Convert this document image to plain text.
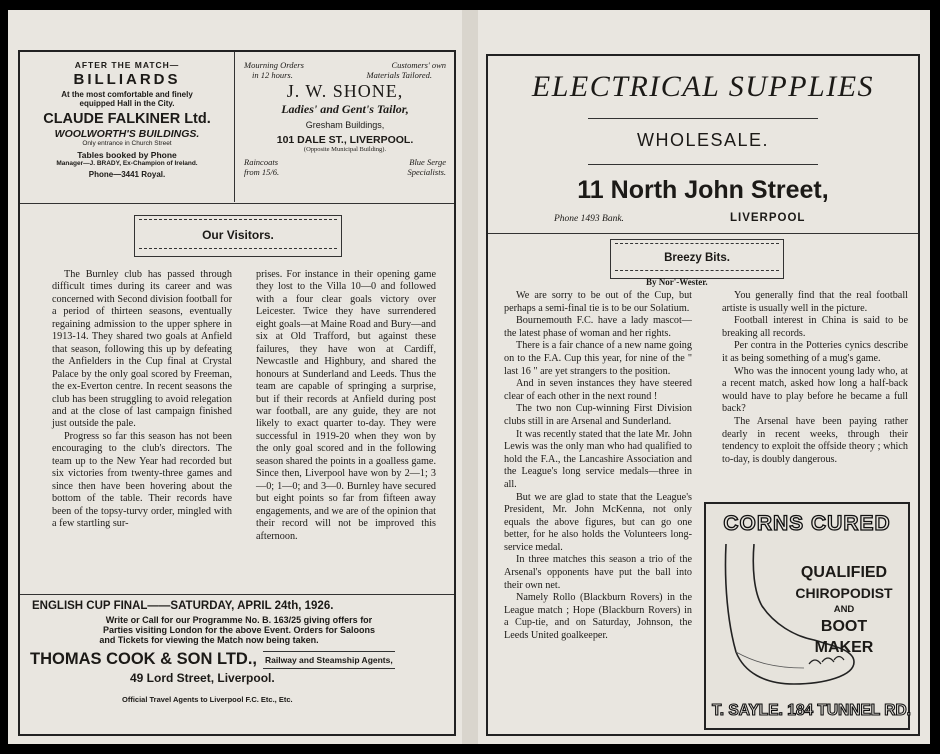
AFTER THE MATCH—
BILLIARDS
At the most comfortable and finely
equipped Hall in the City.
CLAUDE FALKINER Ltd.
WOOLWORTH'S BUILDINGS.
Only entrance in Church Street
Tables booked by Phone
Manager—J. BRADY, Ex-Champion of Ireland.
Phone—3441 Royal.
Mourning Orders	Customers' own
in 12 hours.	Materials Tailored.
J. W. SHONE,
Ladies' and Gent's Tailor,
Gresham Buildings,
101 DALE ST., LIVERPOOL.
(Opposite Municipal Building).
Raincoats
from 15/6.
Blue Serge
Specialists.
Our Visitors.

The Burnley club has passed through difficult times during its career and was concerned with Second division football for a period of thirteen seasons, eventually regaining admission to the upper sphere in 1913-14. They shared two goals at Anfield that season, following this up by defeating the Anfielders in the Cup final at Crystal Palace by the only goal scored by Freeman, the ex-Everton centre. In recent seasons the club has been struggling to avoid relegation and at the close of last campaign finished just outside the pale.

Progress so far this season has not been encouraging to the club's directors. The team up to the New Year had recorded but six victories from twenty-three games and since then have been hovering about the bottom of the table. Their records have been of the topsy-turvy order, mingled with a few startling sur-

prises. For instance in their opening game they lost to the Villa 10—0 and followed with a four clear goals victory over Leicester. Twice they have surrendered eight goals—at Maine Road and Bury—and six at Old Trafford, but against these failures, they have won at Cardiff, Newcastle and Highbury, and shared the honours at Sunderland and Leeds. Thus the team are capable of springing a surprise, but if their records at Anfield during post war football, are any guide, they are not likely to exact quarter to-day. They were successful in 1919-20 when they won by the only goal scored and in the following season shared the points in a goalless game. Since then, Liverpool have won by 2—1; 3—0; 1—0; and 3—0. Burnley have secured but eight points so far from fifteen away engagements, and we are of the opinion that their record will not be improved this afternoon.

ENGLISH CUP FINAL——SATURDAY, APRIL 24th, 1926.
Write or Call for our Programme No. B. 163/25 giving offers for
Parties visiting London for the above Event. Orders for Saloons
and Tickets for viewing the Match now being taken.
THOMAS COOK & SON LTD., Railway and Steamship Agents,
49 Lord Street, Liverpool.
Official Travel Agents to Liverpool F.C. Etc., Etc.
ELECTRICAL SUPPLIES
WHOLESALE.
11 North John Street,
Phone 1493 Bank.	LIVERPOOL
Breezy Bits.
By Nor'-Wester.

We are sorry to be out of the Cup, but perhaps a semi-final tie is to be our Solatium.

Bournemouth F.C. have a lady mascot—the latest phase of woman and her rights.

There is a fair chance of a new name going on to the F.A. Cup this year, for nine of the " last 16 " are yet strangers to the position.

And in seven instances they have steered clear of each other in the next round !

The two non Cup-winning First Division clubs still in are Arsenal and Sunderland.

It was recently stated that the late Mr. John Lewis was the only man who had qualified to hold the F.A., the Lancashire Association and the League's long service medals—three in all.

But we are glad to state that the League's President, Mr. John McKenna, not only equals the above figures, but can go one better, for he also holds the Volunteers long-service medal.

In three matches this season a trio of the Arsenal's opponents have put the ball into their own net.

Namely Rollo (Blackburn Rovers) in the League match ; Hope (Blackburn Rovers) in a Cup-tie, and on Saturday, Johnson, the Leeds United goalkeeper.

You generally find that the real football artiste is usually well in the picture.

Football interest in China is said to be breaking all records.

Per contra in the Potteries cynics describe it as being something of a mug's game.

Who was the innocent young lady who, at a recent match, asked how long a half-back would have to play before he became a full back?

The Arsenal have been paying rather dearly in recent weeks, through their tendency to exploit the offside theory ; which to-day, is doubly dangerous.

CORNS CURED
QUALIFIED
CHIROPODIST
AND
BOOT
MAKER
T. SAYLE. 184 TUNNEL RD.
